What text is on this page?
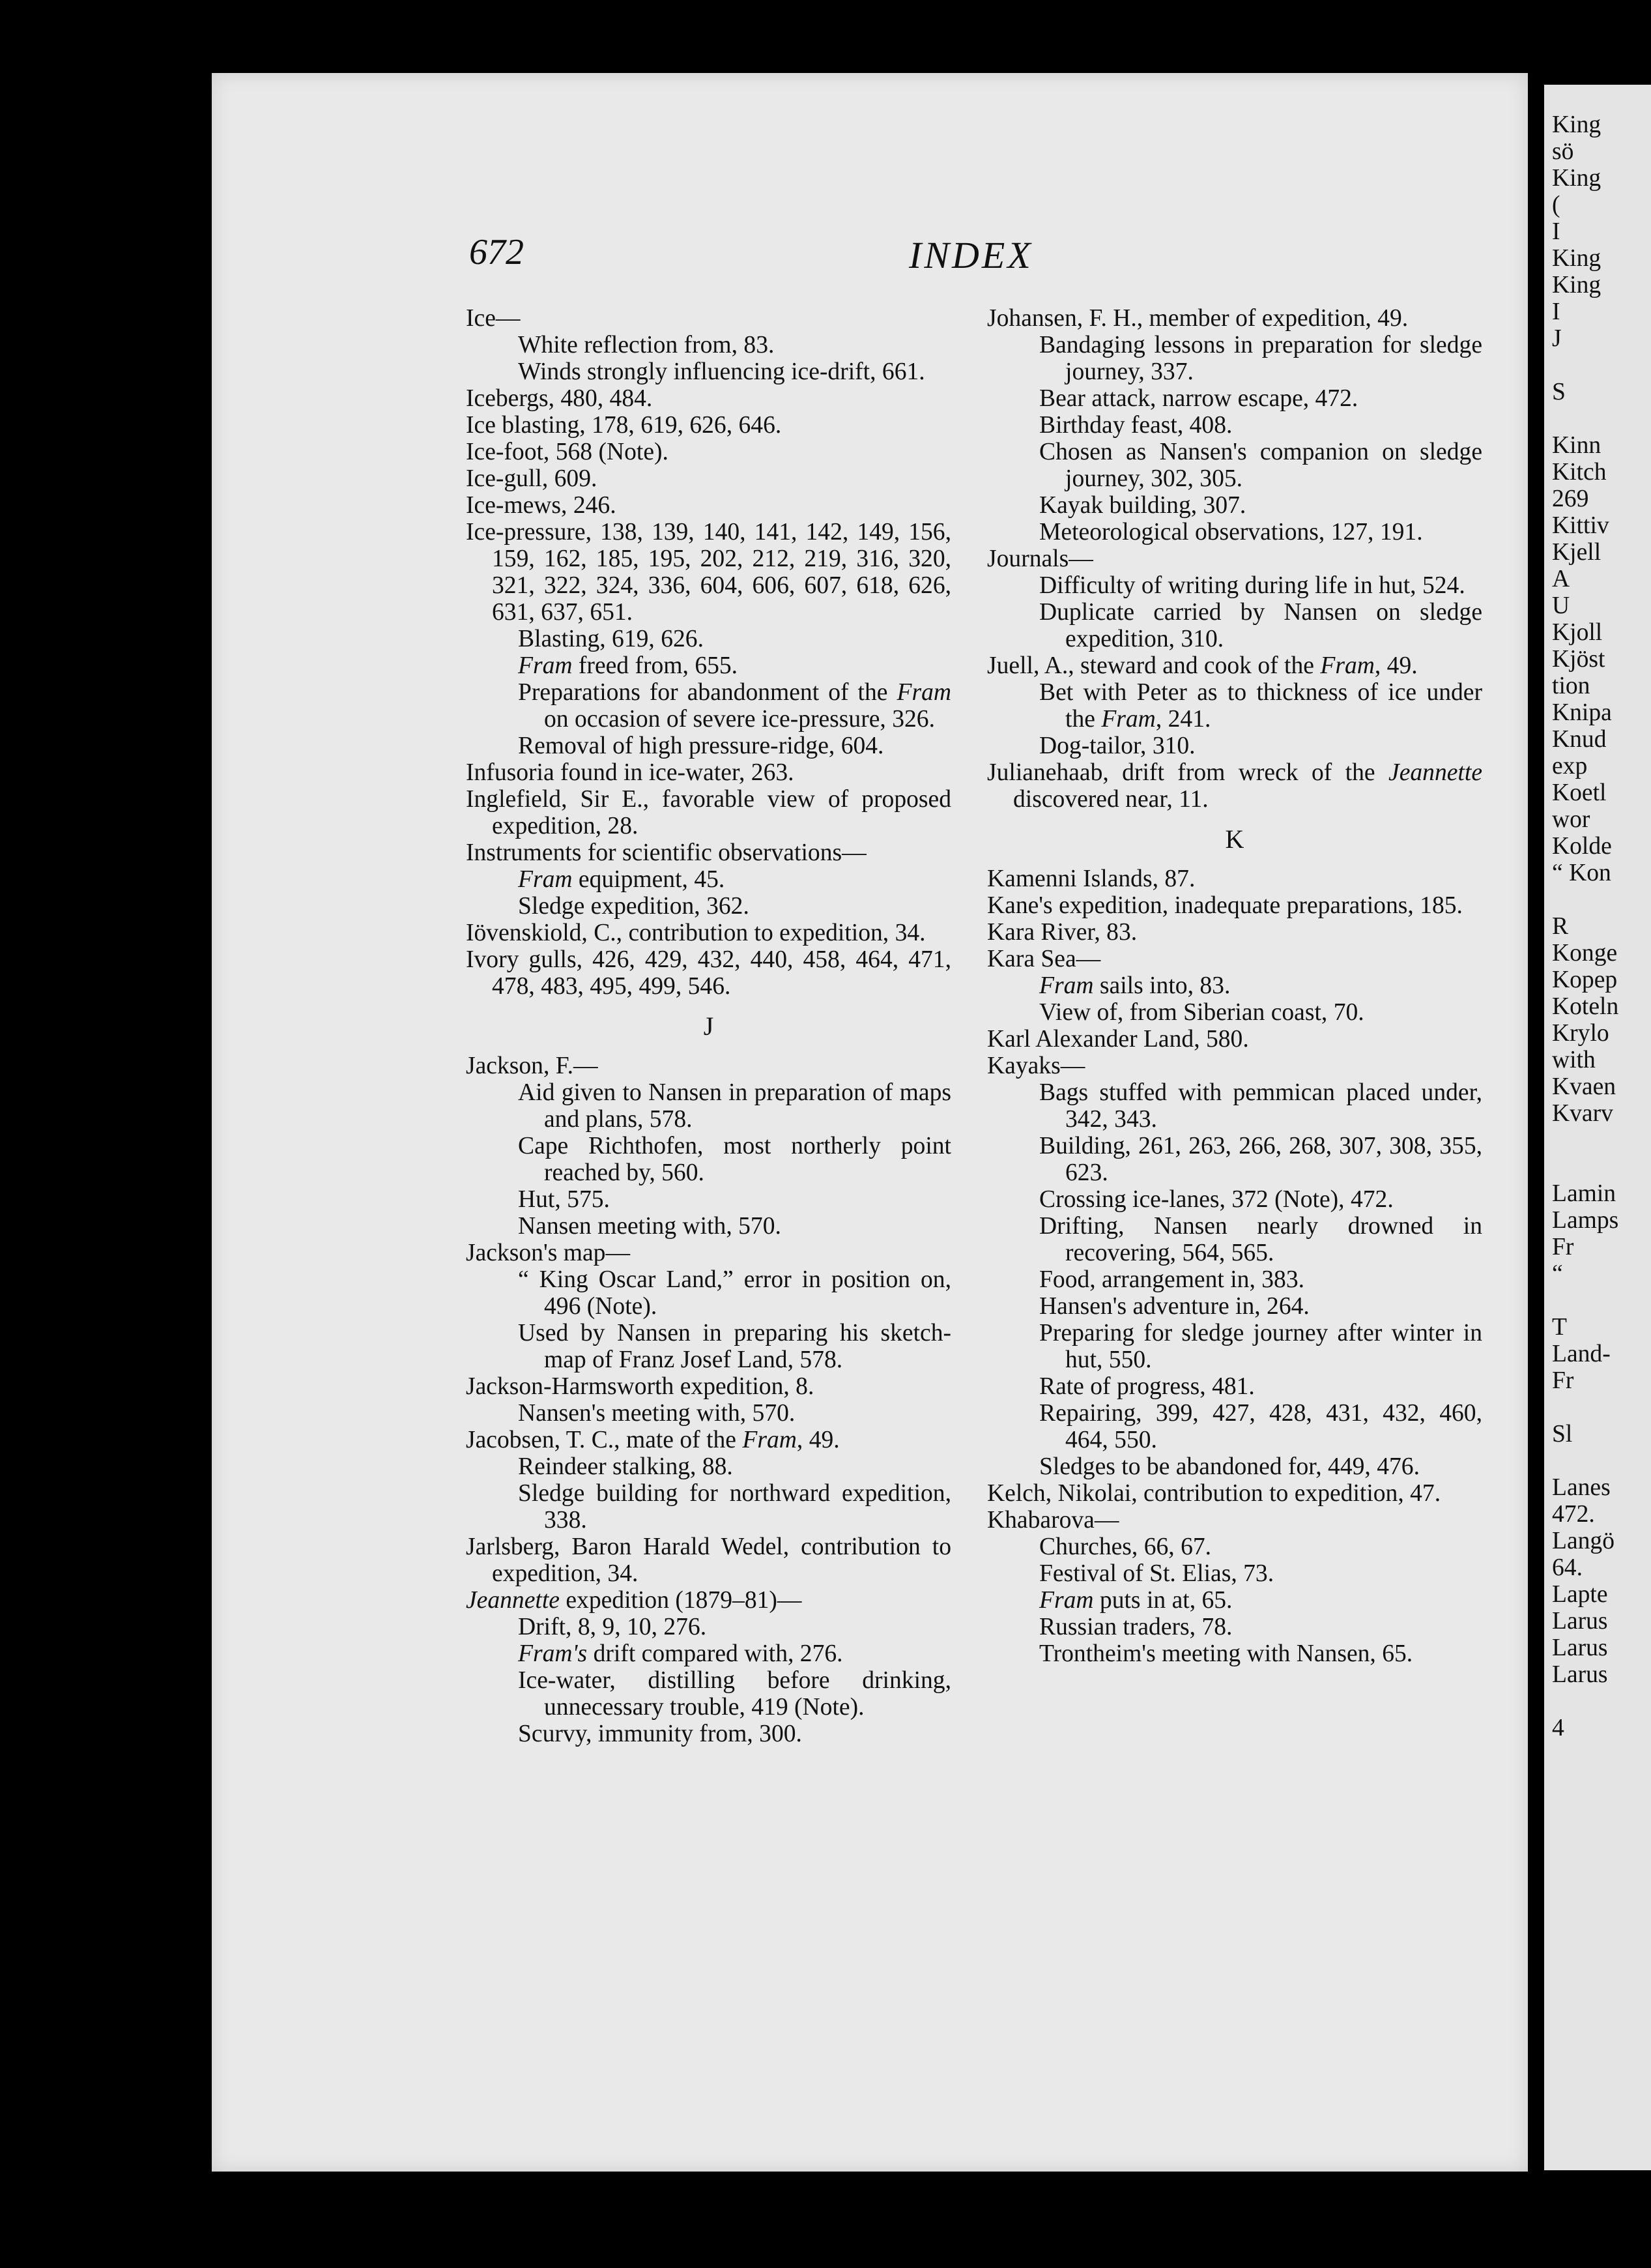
King
sö
King
(
I
King
King
I
J

S

Kinn
Kitch
269
Kittiv
Kjell
A
U
Kjoll
Kjöst
tion
Knipa
Knud
exp
Koetl
wor
Kolde
“ Kon

R
Konge
Kopep
Koteln
Krylo
with
Kvaen
Kvarv

Lamin
Lamps
Fr
“

T
Land-
Fr

Sl

Lanes
472.
Langö
64.
Lapte
Larus
Larus
Larus

4
672	INDEX
Ice—
White reflection from, 83.
Winds strongly influencing ice-drift, 661.
Icebergs, 480, 484.
Ice blasting, 178, 619, 626, 646.
Ice-foot, 568 (Note).
Ice-gull, 609.
Ice-mews, 246.
Ice-pressure, 138, 139, 140, 141, 142, 149, 156, 159, 162, 185, 195, 202, 212, 219, 316, 320, 321, 322, 324, 336, 604, 606, 607, 618, 626, 631, 637, 651.
Blasting, 619, 626.
Fram freed from, 655.
Preparations for abandonment of the Fram on occasion of severe ice-pressure, 326.
Removal of high pressure-ridge, 604.
Infusoria found in ice-water, 263.
Inglefield, Sir E., favorable view of proposed expedition, 28.
Instruments for scientific observations—
Fram equipment, 45.
Sledge expedition, 362.
Iövenskiold, C., contribution to expedition, 34.
Ivory gulls, 426, 429, 432, 440, 458, 464, 471, 478, 483, 495, 499, 546.
J
Jackson, F.—
Aid given to Nansen in preparation of maps and plans, 578.
Cape Richthofen, most northerly point reached by, 560.
Hut, 575.
Nansen meeting with, 570.
Jackson's map—
“ King Oscar Land,” error in position on, 496 (Note).
Used by Nansen in preparing his sketch-map of Franz Josef Land, 578.
Jackson-Harmsworth expedition, 8.
Nansen's meeting with, 570.
Jacobsen, T. C., mate of the Fram, 49.
Reindeer stalking, 88.
Sledge building for northward expedition, 338.
Jarlsberg, Baron Harald Wedel, contribution to expedition, 34.
Jeannette expedition (1879–81)—
Drift, 8, 9, 10, 276.
Fram's drift compared with, 276.
Ice-water, distilling before drinking, unnecessary trouble, 419 (Note).
Scurvy, immunity from, 300.
Johansen, F. H., member of expedition, 49.
Bandaging lessons in preparation for sledge journey, 337.
Bear attack, narrow escape, 472.
Birthday feast, 408.
Chosen as Nansen's companion on sledge journey, 302, 305.
Kayak building, 307.
Meteorological observations, 127, 191.
Journals—
Difficulty of writing during life in hut, 524.
Duplicate carried by Nansen on sledge expedition, 310.
Juell, A., steward and cook of the Fram, 49.
Bet with Peter as to thickness of ice under the Fram, 241.
Dog-tailor, 310.
Julianehaab, drift from wreck of the Jeannette discovered near, 11.
K
Kamenni Islands, 87.
Kane's expedition, inadequate preparations, 185.
Kara River, 83.
Kara Sea—
Fram sails into, 83.
View of, from Siberian coast, 70.
Karl Alexander Land, 580.
Kayaks—
Bags stuffed with pemmican placed under, 342, 343.
Building, 261, 263, 266, 268, 307, 308, 355, 623.
Crossing ice-lanes, 372 (Note), 472.
Drifting, Nansen nearly drowned in recovering, 564, 565.
Food, arrangement in, 383.
Hansen's adventure in, 264.
Preparing for sledge journey after winter in hut, 550.
Rate of progress, 481.
Repairing, 399, 427, 428, 431, 432, 460, 464, 550.
Sledges to be abandoned for, 449, 476.
Kelch, Nikolai, contribution to expedition, 47.
Khabarova—
Churches, 66, 67.
Festival of St. Elias, 73.
Fram puts in at, 65.
Russian traders, 78.
Trontheim's meeting with Nansen, 65.
